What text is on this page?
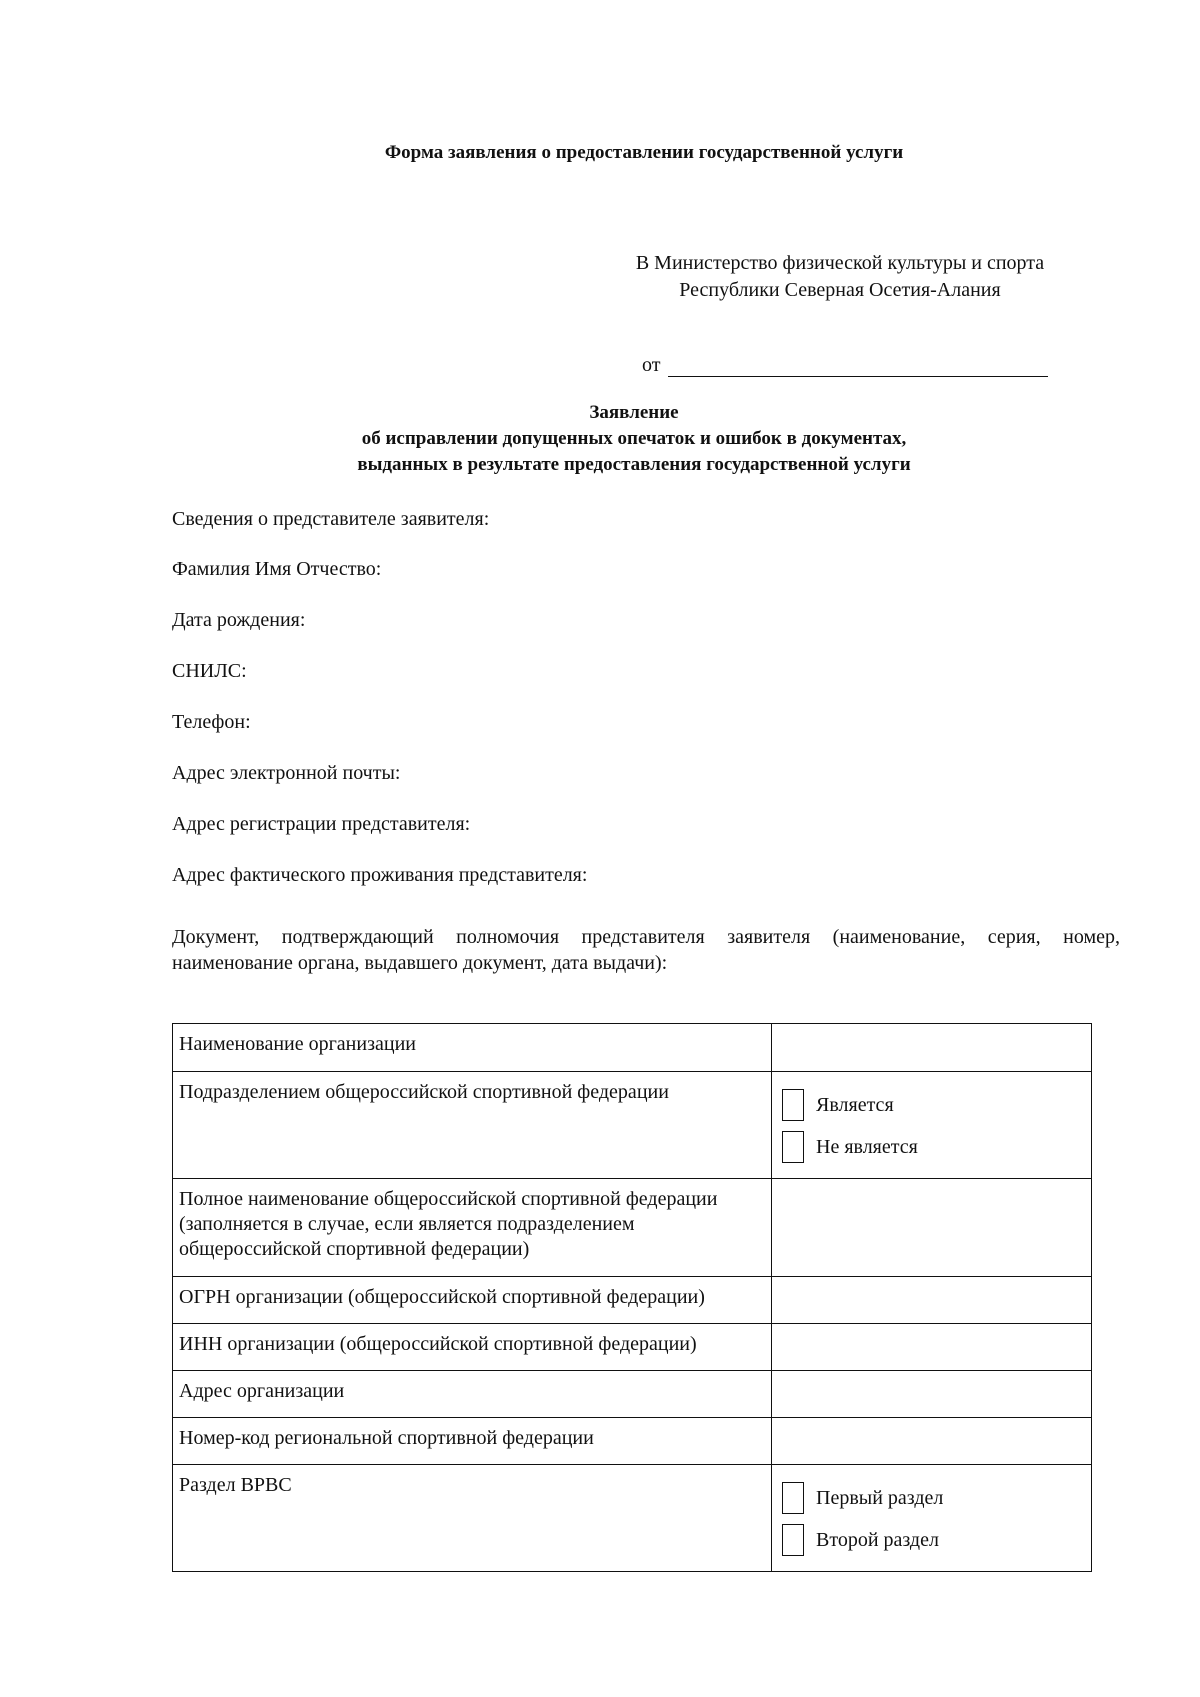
Форма заявления о предоставлении государственной услуги
В Министерство физической культуры и спорта
Республики Северная Осетия-Алания
от
Заявление
об исправлении допущенных опечаток и ошибок в документах,
выданных в результате предоставления государственной услуги
Сведения о представителе заявителя:
Фамилия Имя Отчество:
Дата рождения:
СНИЛС:
Телефон:
Адрес электронной почты:
Адрес регистрации представителя:
Адрес фактического проживания представителя:
Документ, подтверждающий полномочия представителя заявителя (наименование, серия, номер, наименование органа, выдавшего документ, дата выдачи):
Наименование организации	
Подразделением общероссийской спортивной федерации	Является
Не является

Полное наименование общероссийской спортивной федерации (заполняется в случае, если является подразделением общероссийской спортивной федерации)	
ОГРН организации (общероссийской спортивной федерации)	
ИНН организации (общероссийской спортивной федерации)	
Адрес организации	
Номер-код региональной спортивной федерации	
Раздел ВРВС	Первый раздел
Второй раздел
